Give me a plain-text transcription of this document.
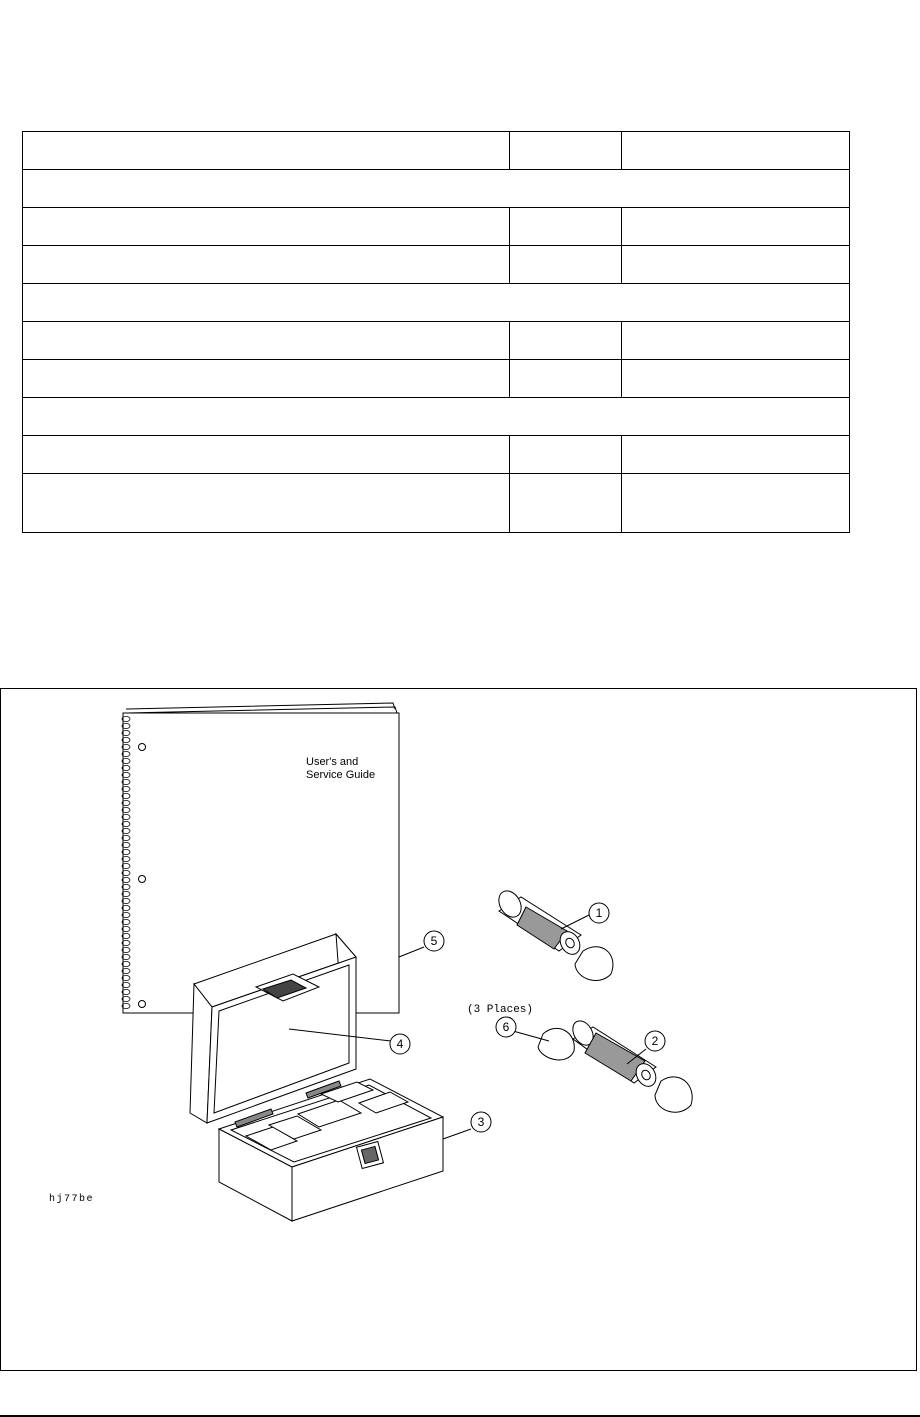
User's and
Service Guide
1
2
3
4
5
6
(3 Places)
hj77be
